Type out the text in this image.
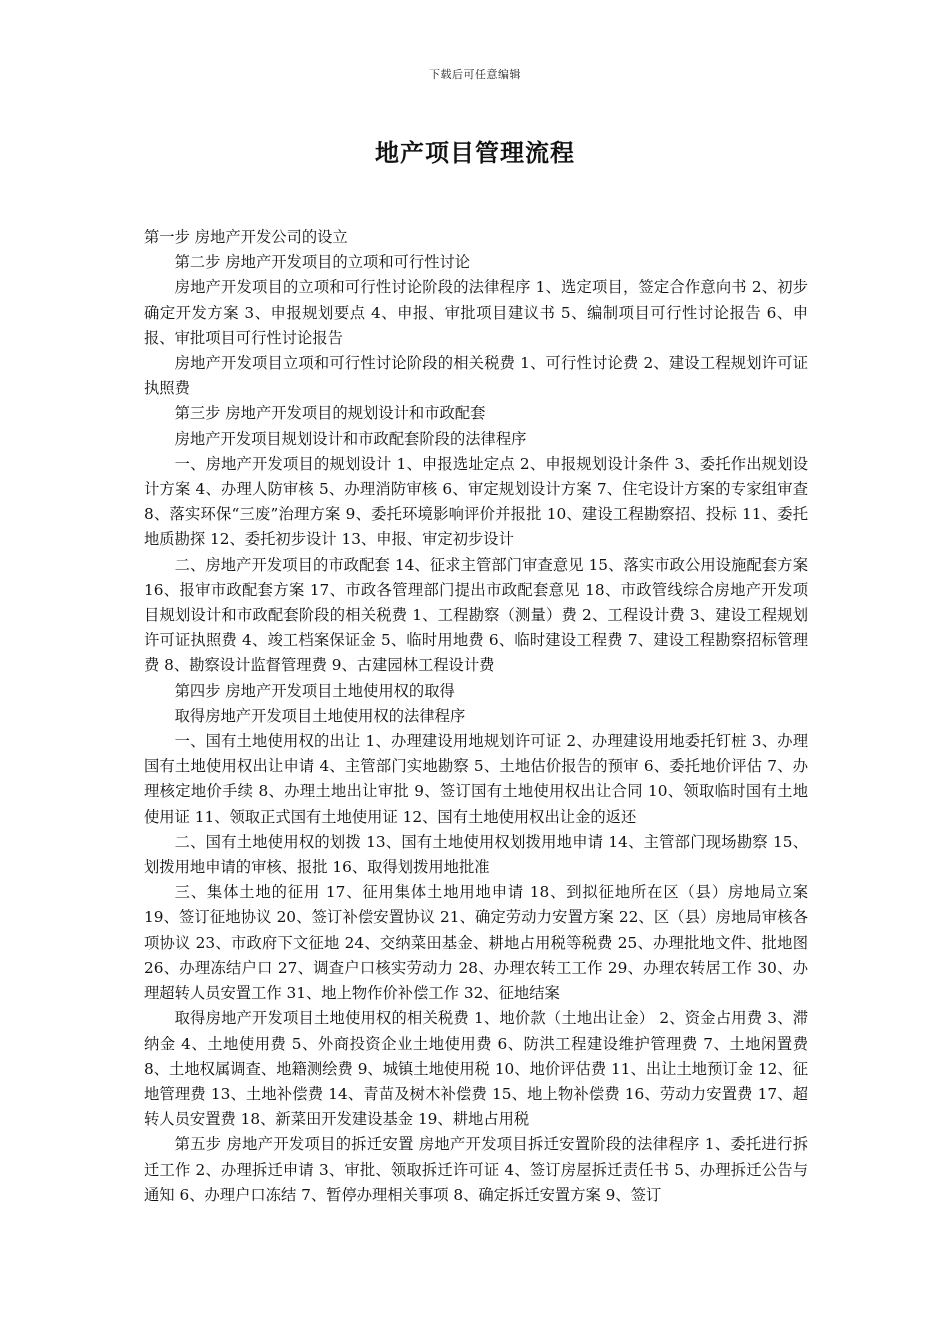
下载后可任意编辑
地产项目管理流程

第一步 房地产开发公司的设立

第二步 房地产开发项目的立项和可行性讨论

房地产开发项目的立项和可行性讨论阶段的法律程序 1、选定项目，签定合作意向书 2、初步确定开发方案 3、申报规划要点 4、申报、审批项目建议书 5、编制项目可行性讨论报告 6、申报、审批项目可行性讨论报告

房地产开发项目立项和可行性讨论阶段的相关税费 1、可行性讨论费 2、建设工程规划许可证执照费

第三步 房地产开发项目的规划设计和市政配套

房地产开发项目规划设计和市政配套阶段的法律程序

一、房地产开发项目的规划设计 1、申报选址定点 2、申报规划设计条件 3、委托作出规划设计方案 4、办理人防审核 5、办理消防审核 6、审定规划设计方案 7、住宅设计方案的专家组审查 8、落实环保“三废”治理方案 9、委托环境影响评价并报批 10、建设工程勘察招、投标 11、委托地质勘探 12、委托初步设计 13、申报、审定初步设计

二、房地产开发项目的市政配套 14、征求主管部门审查意见 15、落实市政公用设施配套方案 16、报审市政配套方案 17、市政各管理部门提出市政配套意见 18、市政管线综合房地产开发项目规划设计和市政配套阶段的相关税费 1、工程勘察（测量）费 2、工程设计费 3、建设工程规划许可证执照费 4、竣工档案保证金 5、临时用地费 6、临时建设工程费 7、建设工程勘察招标管理费 8、勘察设计监督管理费 9、古建园林工程设计费

第四步 房地产开发项目土地使用权的取得

取得房地产开发项目土地使用权的法律程序

一、国有土地使用权的出让 1、办理建设用地规划许可证 2、办理建设用地委托钉桩 3、办理国有土地使用权出让申请 4、主管部门实地勘察 5、土地估价报告的预审 6、委托地价评估 7、办理核定地价手续 8、办理土地出让审批 9、签订国有土地使用权出让合同 10、领取临时国有土地使用证 11、领取正式国有土地使用证 12、国有土地使用权出让金的返还

二、国有土地使用权的划拨 13、国有土地使用权划拨用地申请 14、主管部门现场勘察 15、划拨用地申请的审核、报批 16、取得划拨用地批准

三、集体土地的征用 17、征用集体土地用地申请 18、到拟征地所在区（县）房地局立案 19、签订征地协议 20、签订补偿安置协议 21、确定劳动力安置方案 22、区（县）房地局审核各项协议 23、市政府下文征地 24、交纳菜田基金、耕地占用税等税费 25、办理批地文件、批地图 26、办理冻结户口 27、调查户口核实劳动力 28、办理农转工工作 29、办理农转居工作 30、办理超转人员安置工作 31、地上物作价补偿工作 32、征地结案

取得房地产开发项目土地使用权的相关税费 1、地价款（土地出让金） 2、资金占用费 3、滞纳金 4、土地使用费 5、外商投资企业土地使用费 6、防洪工程建设维护管理费 7、土地闲置费 8、土地权属调查、地籍测绘费 9、城镇土地使用税 10、地价评估费 11、出让土地预订金 12、征地管理费 13、土地补偿费 14、青苗及树木补偿费 15、地上物补偿费 16、劳动力安置费 17、超转人员安置费 18、新菜田开发建设基金 19、耕地占用税

第五步 房地产开发项目的拆迁安置 房地产开发项目拆迁安置阶段的法律程序 1、委托进行拆迁工作 2、办理拆迁申请 3、审批、领取拆迁许可证 4、签订房屋拆迁责任书 5、办理拆迁公告与通知 6、办理户口冻结 7、暂停办理相关事项 8、确定拆迁安置方案 9、签订
